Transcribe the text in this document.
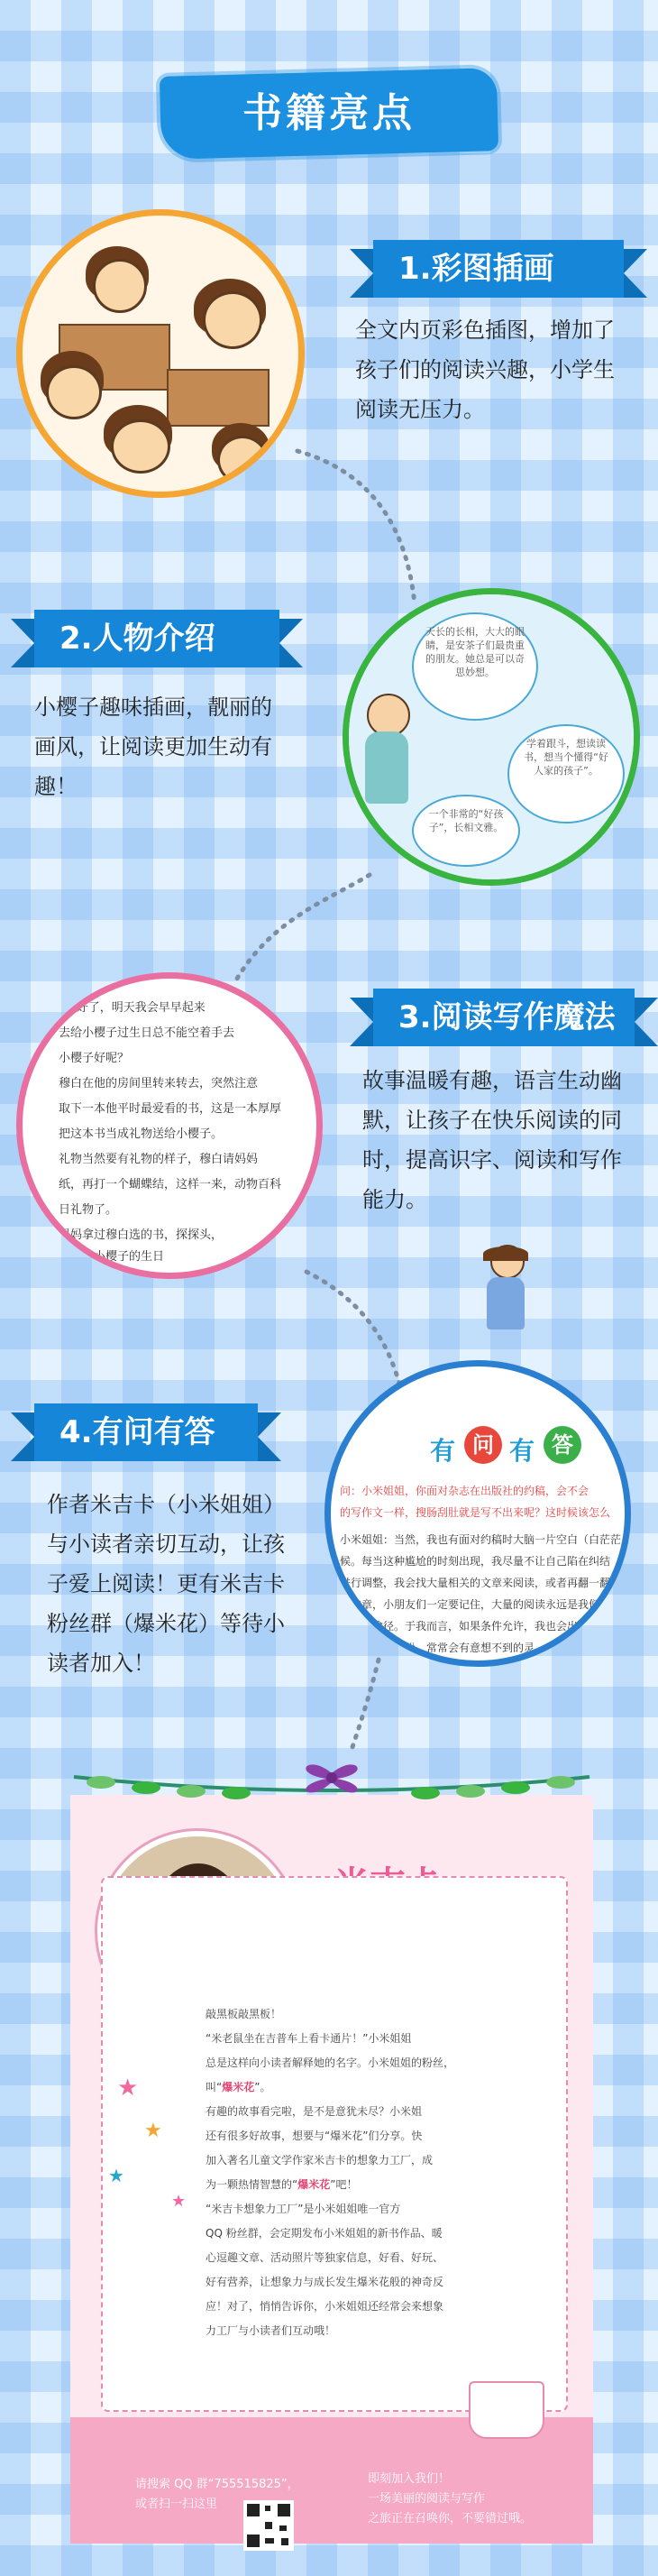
书籍亮点
1.彩图插画
全文内页彩色插图，增加了
孩子们的阅读兴趣，小学生
阅读无压力。
2.人物介绍
小樱子趣味插画，靓丽的
画风，让阅读更加生动有
趣！
天长的长相，大大的眼睛，是安茶子们最贵重的朋友。她总是可以奇思妙想。
学着跟斗，想读读书，想当个懂得“好人家的孩子”。
一个非常的“好孩子”，长相文雅。
“太好了，明天我会早早起来
去给小樱子过生日总不能空着手去
小樱子好呢？
穆白在他的房间里转来转去，突然注意
取下一本他平时最爱看的书，这是一本厚厚
把这本书当成礼物送给小樱子。
礼物当然要有礼物的样子，穆白请妈妈
纸，再打一个蝴蝶结，这样一来，动物百科
日礼物了。
妈妈拿过穆白选的书，探探头，
明天是小樱子的生日
3.阅读写作魔法
故事温暖有趣，语言生动幽
默，让孩子在快乐阅读的同
时，提高识字、阅读和写作
能力。
4.有问有答
作者米吉卡（小米姐姐）
与小读者亲切互动，让孩
子爱上阅读！更有米吉卡
粉丝群（爆米花）等待小
读者加入！
有 问 有 答
问：小米姐姐，你面对杂志在出版社的约稿，会不会
的写作文一样，搜肠刮肚就是写不出来呢？这时候该怎么
小米姐姐：当然，我也有面对约稿时大脑一片空白（白茫茫
候。每当这种尴尬的时刻出现，我尽量不让自己陷在纠结
进行调整，我会找大量相关的文章来阅读，或者再翻一翻自
的文章，小朋友们一定要记住，大量的阅读永远是我们
需要的途径。于我而言，如果条件允许，我也会出
当自己完全放松，常常会有意想不到的灵
敲黑板敲黑板！
“米老鼠坐在吉普车上看卡通片！”小米姐姐
总是这样向小读者解释她的名字。小米姐姐的粉丝，
叫“爆米花”。
有趣的故事看完啦，是不是意犹未尽？小米姐
还有很多好故事，想要与“爆米花”们分享。快
加入著名儿童文学作家米吉卡的想象力工厂，成
为一颗热情智慧的“爆米花”吧！
“米吉卡想象力工厂”是小米姐姐唯一官方
QQ 粉丝群，会定期发布小米姐姐的新书作品、暖
心逗趣文章、活动照片等独家信息，好看、好玩、
好有营养，让想象力与成长发生爆米花般的神奇反
应！对了，悄悄告诉你，小米姐姐还经常会来想象
力工厂与小读者们互动哦！
★
★
★
★
请搜索 QQ 群“755515825”，
或者扫一扫这里
即刻加入我们！
一场美丽的阅读与写作
之旅正在召唤你，不要错过哦。
